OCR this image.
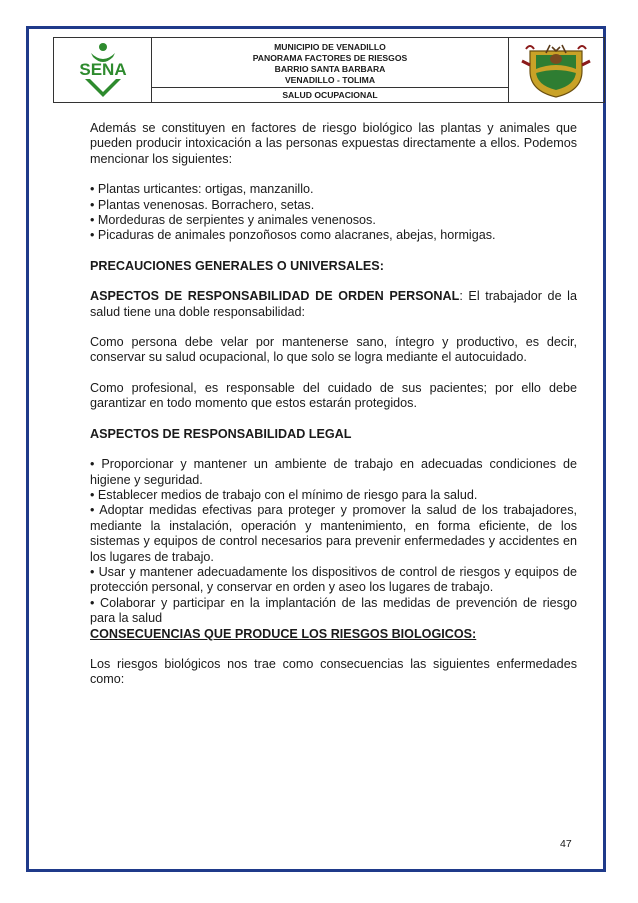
SENA
MUNICIPIO DE VENADILLO
PANORAMA FACTORES DE RIESGOS
BARRIO SANTA BARBARA
VENADILLO - TOLIMA
SALUD OCUPACIONAL

Además se constituyen en factores de riesgo biológico las plantas y animales que pueden producir intoxicación a las personas expuestas directamente a ellos. Podemos mencionar los siguientes:

• Plantas urticantes: ortigas, manzanillo.

• Plantas venenosas. Borrachero, setas.

• Mordeduras de serpientes y animales venenosos.

• Picaduras de animales ponzoñosos como alacranes, abejas, hormigas.

PRECAUCIONES GENERALES O UNIVERSALES:

ASPECTOS DE RESPONSABILIDAD DE ORDEN PERSONAL: El trabajador de la salud tiene una doble responsabilidad:

Como persona debe velar por mantenerse sano, íntegro y productivo, es decir, conservar su salud ocupacional, lo que solo se logra mediante el autocuidado.

Como profesional, es responsable del cuidado de sus pacientes; por ello debe garantizar en todo momento que estos estarán protegidos.

ASPECTOS DE RESPONSABILIDAD LEGAL

• Proporcionar y mantener un ambiente de trabajo en adecuadas condiciones de higiene y seguridad.

• Establecer medios de trabajo con el mínimo de riesgo para la salud.

• Adoptar medidas efectivas para proteger y promover la salud de los trabajadores, mediante la instalación, operación y mantenimiento, en forma eficiente, de los sistemas y equipos de control necesarios para prevenir enfermedades y accidentes en los lugares de trabajo.

• Usar y mantener adecuadamente los dispositivos de control de riesgos y equipos de protección personal, y conservar en orden y aseo los lugares de trabajo.

• Colaborar y participar en la implantación de las medidas de prevención de riesgo para la salud

CONSECUENCIAS QUE PRODUCE LOS RIESGOS BIOLOGICOS:

Los riesgos biológicos nos trae como consecuencias las siguientes enfermedades como:

47
